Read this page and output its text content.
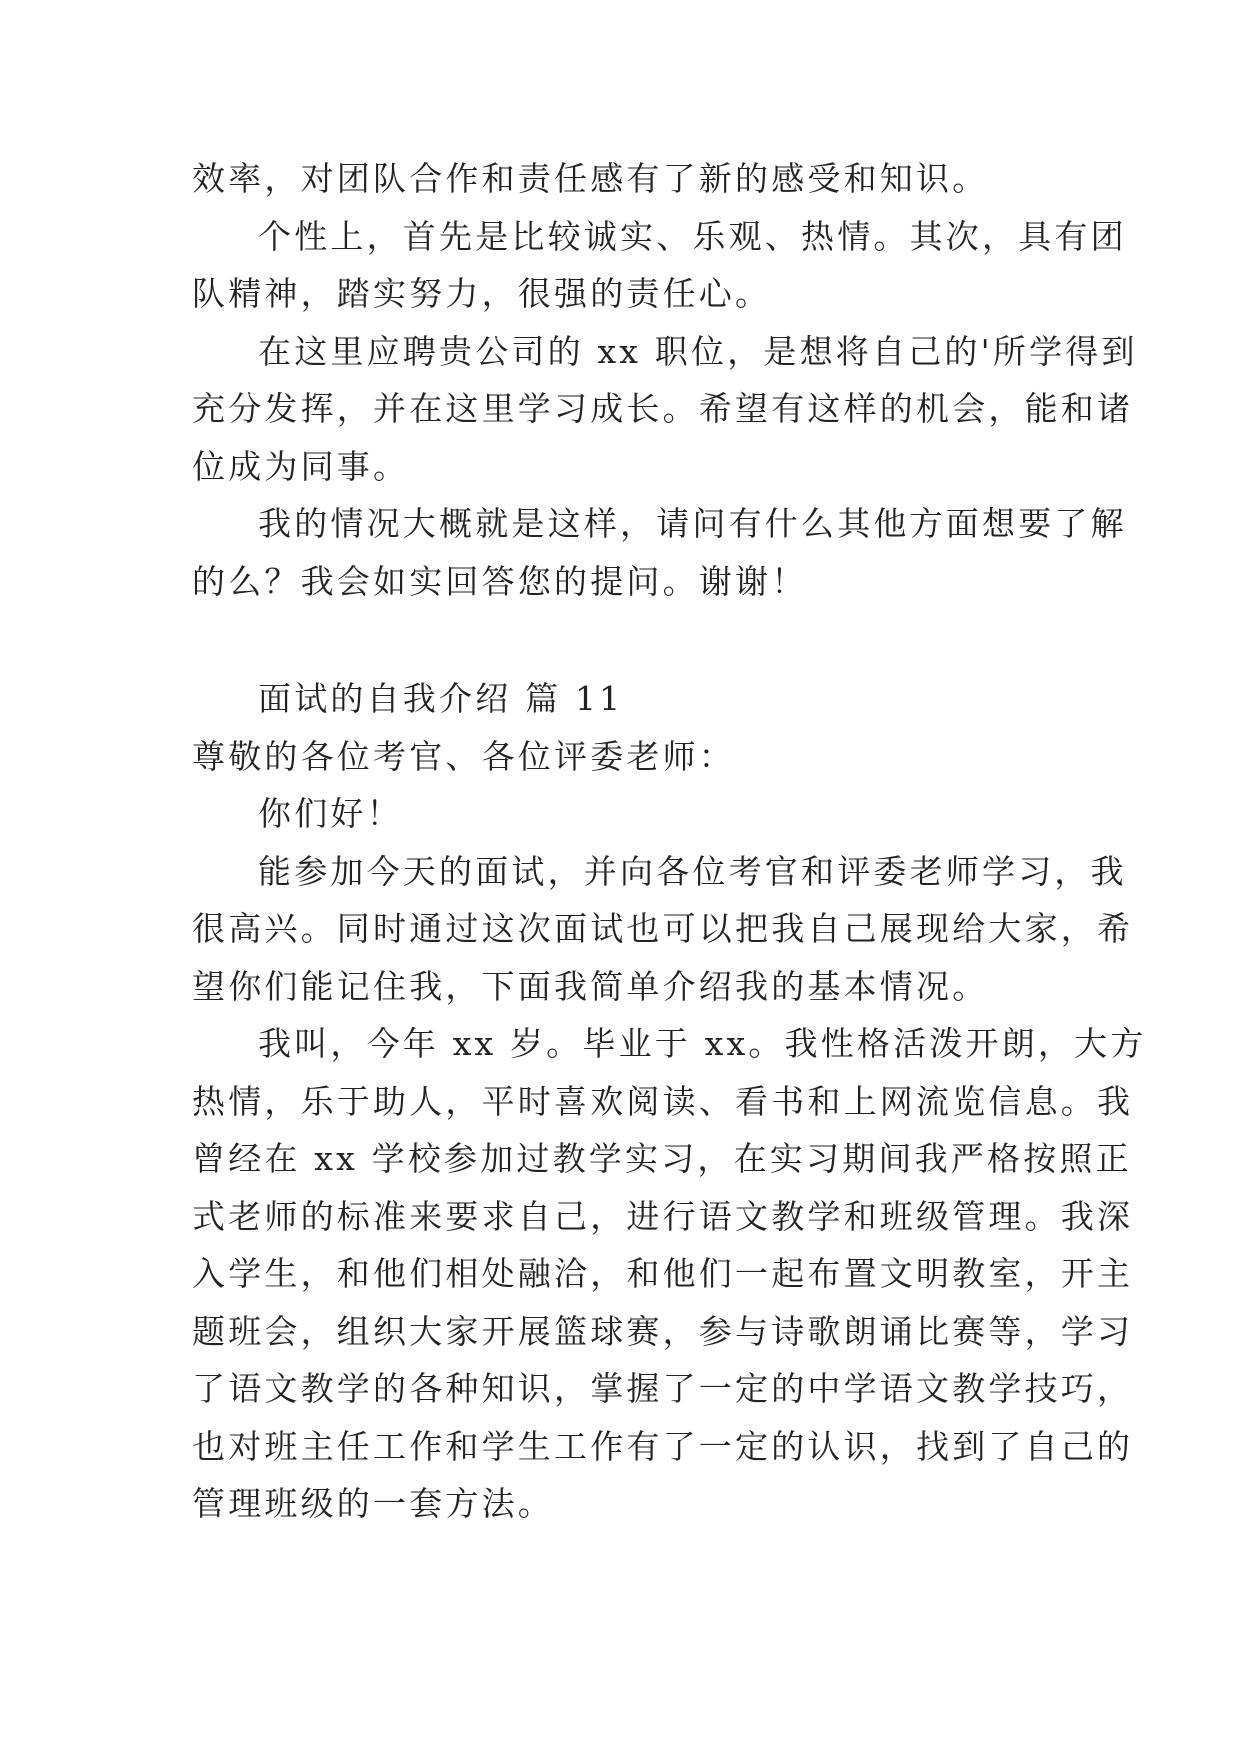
效率，对团队合作和责任感有了新的感受和知识。
个性上，首先是比较诚实、乐观、热情。其次，具有团
队精神，踏实努力，很强的责任心。
在这里应聘贵公司的 xx 职位，是想将自己的'所学得到
充分发挥，并在这里学习成长。希望有这样的机会，能和诸
位成为同事。
我的情况大概就是这样，请问有什么其他方面想要了解
的么？我会如实回答您的提问。谢谢！
面试的自我介绍 篇 11
尊敬的各位考官、各位评委老师：
你们好！
能参加今天的面试，并向各位考官和评委老师学习，我
很高兴。同时通过这次面试也可以把我自己展现给大家，希
望你们能记住我，下面我简单介绍我的基本情况。
我叫，今年 xx 岁。毕业于 xx。我性格活泼开朗，大方
热情，乐于助人，平时喜欢阅读、看书和上网流览信息。我
曾经在 xx 学校参加过教学实习，在实习期间我严格按照正
式老师的标准来要求自己，进行语文教学和班级管理。我深
入学生，和他们相处融洽，和他们一起布置文明教室，开主
题班会，组织大家开展篮球赛，参与诗歌朗诵比赛等，学习
了语文教学的各种知识，掌握了一定的中学语文教学技巧，
也对班主任工作和学生工作有了一定的认识，找到了自己的
管理班级的一套方法。
